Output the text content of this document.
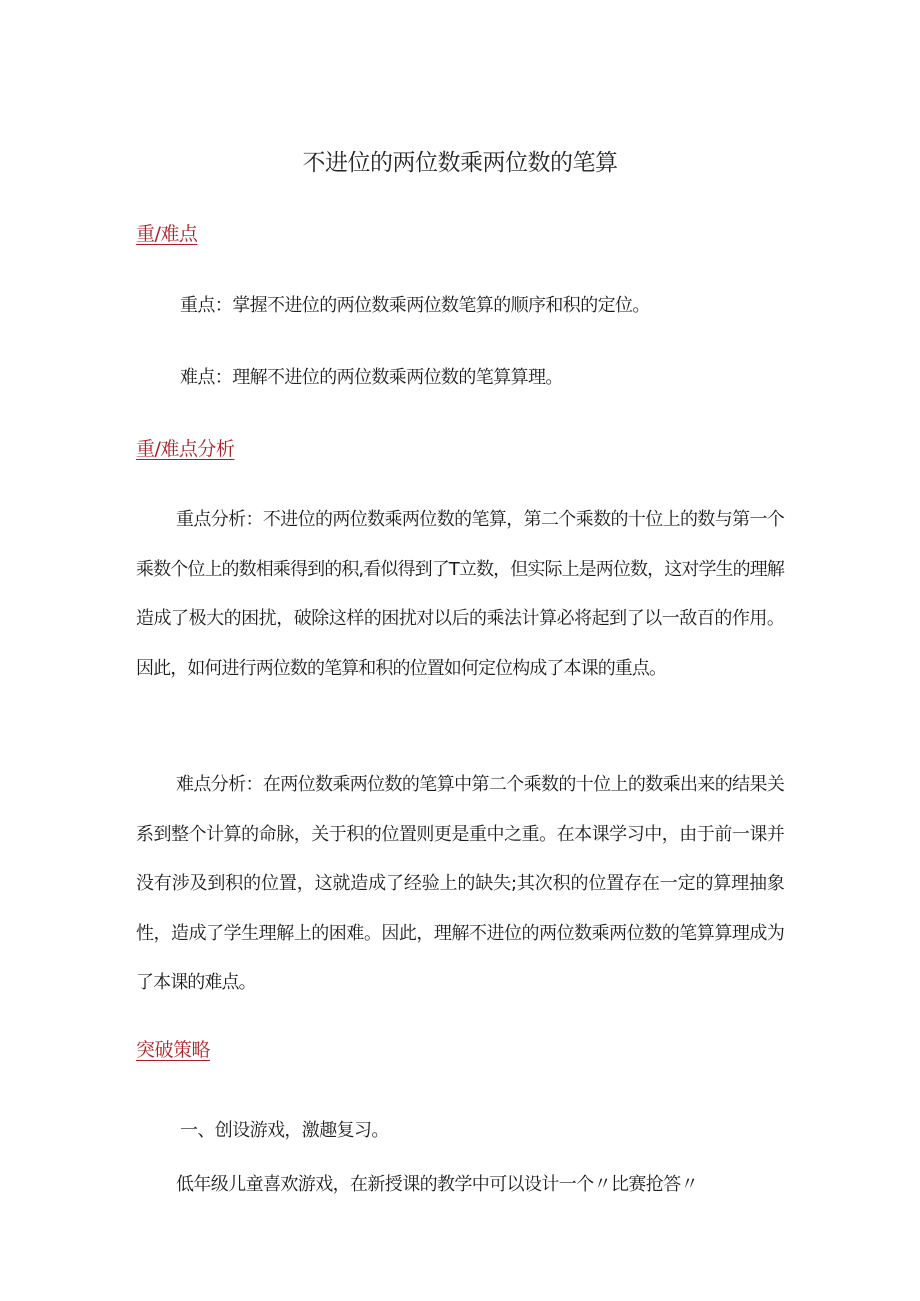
不进位的两位数乘两位数的笔算
重/难点
重点：掌握不进位的两位数乘两位数笔算的顺序和积的定位。
难点：理解不进位的两位数乘两位数的笔算算理。
重/难点分析
重点分析：不进位的两位数乘两位数的笔算，第二个乘数的十位上的数与第一个乘数个位上的数相乘得到的积,看似得到了T立数，但实际上是两位数，这对学生的理解造成了极大的困扰，破除这样的困扰对以后的乘法计算必将起到了以一敌百的作用。因此，如何进行两位数的笔算和积的位置如何定位构成了本课的重点。
难点分析：在两位数乘两位数的笔算中第二个乘数的十位上的数乘出来的结果关系到整个计算的命脉，关于积的位置则更是重中之重。在本课学习中，由于前一课并没有涉及到积的位置，这就造成了经验上的缺失;其次积的位置存在一定的算理抽象性，造成了学生理解上的困难。因此，理解不进位的两位数乘两位数的笔算算理成为了本课的难点。
突破策略
一、创设游戏，激趣复习。
低年级儿童喜欢游戏，在新授课的教学中可以设计一个〃比赛抢答〃
